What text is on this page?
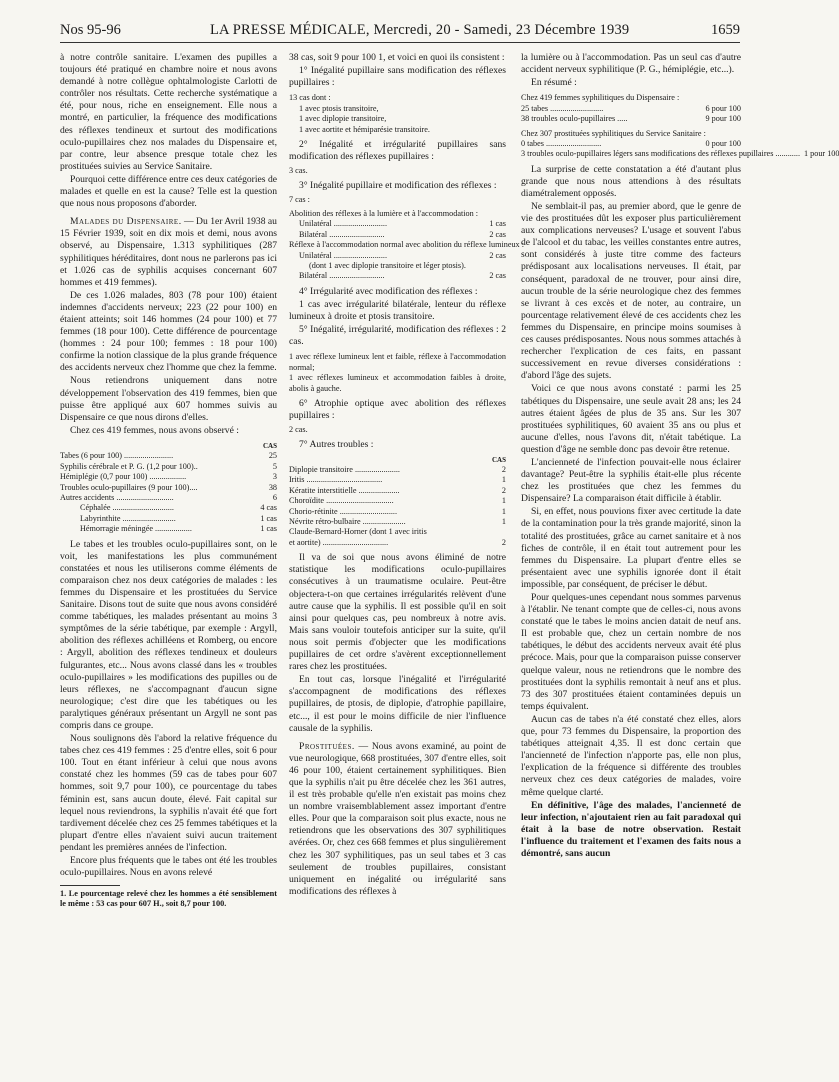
Nos 95-96	LA PRESSE MÉDICALE, Mercredi, 20 - Samedi, 23 Décembre 1939	1659

à notre contrôle sanitaire. L'examen des pupilles a toujours été pratiqué en chambre noire et nous avons demandé à notre collègue ophtalmologiste Carlotti de contrôler nos résultats. Cette recherche systématique a été, pour nous, riche en enseignement. Elle nous a montré, en particulier, la fréquence des modifications des réflexes tendineux et surtout des modifications oculo-pupillaires chez nos malades du Dispensaire et, par contre, leur absence presque totale chez les prostituées suivies au Service Sanitaire.

Pourquoi cette différence entre ces deux catégories de malades et quelle en est la cause? Telle est la question que nous nous proposons d'aborder.

Malades du Dispensaire. — Du 1er Avril 1938 au 15 Février 1939, soit en dix mois et demi, nous avons observé, au Dispensaire, 1.313 syphilitiques (287 syphilitiques héréditaires, dont nous ne parlerons pas ici et 1.026 cas de syphilis acquises concernant 607 hommes et 419 femmes).

De ces 1.026 malades, 803 (78 pour 100) étaient indemnes d'accidents nerveux; 223 (22 pour 100) en étaient atteints; soit 146 hommes (24 pour 100) et 77 femmes (18 pour 100). Cette différence de pourcentage (hommes : 24 pour 100; femmes : 18 pour 100) confirme la notion classique de la plus grande fréquence des accidents nerveux chez l'homme que chez la femme.

Nous retiendrons uniquement dans notre développement l'observation des 419 femmes, bien que puisse être appliqué aux 607 hommes suivis au Dispensaire ce que nous dirons d'elles.

Chez ces 419 femmes, nous avons observé :

CAS
Tabes (6 pour 100) ........................	25
Syphilis cérébrale et P. G. (1,2 pour 100)..	5
Hémiplégie (0,7 pour 100) ..................	3
Troubles oculo-pupillaires (9 pour 100)....	38
Autres accidents ............................	6
Céphalée ..............................	4 cas
Labyrinthite ..........................	1 cas
Hémorragie méningée ..................	1 cas

Le tabes et les troubles oculo-pupillaires sont, on le voit, les manifestations les plus communément constatées et nous les utiliserons comme éléments de comparaison chez nos deux catégories de malades : les femmes du Dispensaire et les prostituées du Service Sanitaire. Disons tout de suite que nous avons considéré comme tabétiques, les malades présentant au moins 3 symptômes de la série tabétique, par exemple : Argyll, abolition des réflexes achilléens et Romberg, ou encore : Argyll, abolition des réflexes tendineux et douleurs fulgurantes, etc... Nous avons classé dans les « troubles oculo-pupillaires » les modifications des pupilles ou de leurs réflexes, ne s'accompagnant d'aucun signe neurologique; c'est dire que les tabétiques ou les paralytiques généraux présentant un Argyll ne sont pas compris dans ce groupe.

Nous soulignons dès l'abord la relative fréquence du tabes chez ces 419 femmes : 25 d'entre elles, soit 6 pour 100. Tout en étant inférieur à celui que nous avons constaté chez les hommes (59 cas de tabes pour 607 hommes, soit 9,7 pour 100), ce pourcentage du tabes féminin est, sans aucun doute, élevé. Fait capital sur lequel nous reviendrons, la syphilis n'avait été que fort tardivement décelée chez ces 25 femmes tabétiques et la plupart d'entre elles n'avaient suivi aucun traitement pendant les premières années de l'infection.

Encore plus fréquents que le tabes ont été les troubles oculo-pupillaires. Nous en avons relevé

1. Le pourcentage relevé chez les hommes a été sensiblement le même : 53 cas pour 607 H., soit 8,7 pour 100.

38 cas, soit 9 pour 100 1, et voici en quoi ils consistent :

1° Inégalité pupillaire sans modification des réflexes pupillaires :

13 cas dont :
1 avec ptosis transitoire,
1 avec diplopie transitoire,
1 avec aortite et hémiparésie transitoire.

2° Inégalité et irrégularité pupillaires sans modification des réflexes pupillaires :

3 cas.

3° Inégalité pupillaire et modification des réflexes :

7 cas :

Abolition des réflexes à la lumière et à l'accommodation :
Unilatéral ..........................	1 cas
Bilatéral ...........................	2 cas
Réflexe à l'accommodation normal avec abolition du réflexe lumineux :
Unilatéral ..........................	2 cas
(dont 1 avec diplopie transitoire et léger ptosis).
Bilatéral ...........................	2 cas

4° Irrégularité avec modification des réflexes :

1 cas avec irrégularité bilatérale, lenteur du réflexe lumineux à droite et ptosis transitoire.

5° Inégalité, irrégularité, modification des réflexes : 2 cas.

1 avec réflexe lumineux lent et faible, réflexe à l'accommodation normal;
1 avec réflexes lumineux et accommodation faibles à droite, abolis à gauche.

6° Atrophie optique avec abolition des réflexes pupillaires :

2 cas.

7° Autres troubles :

CAS
Diplopie transitoire ......................	2
Iritis .....................................	1
Kératite interstitielle ....................	2
Choroïdite .................................	1
Chorio-rétinite ............................	1
Névrite rétro-bulbaire .....................	1
Claude-Bernard-Horner (dont 1 avec iritis
et aortite) ................................	2

Il va de soi que nous avons éliminé de notre statistique les modifications oculo-pupillaires consécutives à un traumatisme oculaire. Peut-être objectera-t-on que certaines irrégularités relèvent d'une autre cause que la syphilis. Il est possible qu'il en soit ainsi pour quelques cas, peu nombreux à notre avis. Mais sans vouloir toutefois anticiper sur la suite, qu'il nous soit permis d'objecter que les modifications pupillaires de cet ordre s'avèrent exceptionnellement rares chez les prostituées.

En tout cas, lorsque l'inégalité et l'irrégularité s'accompagnent de modifications des réflexes pupillaires, de ptosis, de diplopie, d'atrophie papillaire, etc..., il est pour le moins difficile de nier l'influence causale de la syphilis.

Prostituées. — Nous avons examiné, au point de vue neurologique, 668 prostituées, 307 d'entre elles, soit 46 pour 100, étaient certainement syphilitiques. Bien que la syphilis n'ait pu être décelée chez les 361 autres, il est très probable qu'elle n'en existait pas moins chez un nombre vraisemblablement assez important d'entre elles. Pour que la comparaison soit plus exacte, nous ne retiendrons que les observations des 307 syphilitiques avérées. Or, chez ces 668 femmes et plus singulièrement chez les 307 syphilitiques, pas un seul tabes et 3 cas seulement de troubles pupillaires, consistant uniquement en inégalité ou irrégularité sans modifications des réflexes à

la lumière ou à l'accommodation. Pas un seul cas d'autre accident nerveux syphilitique (P. G., hémiplégie, etc...).

En résumé :

Chez 419 femmes syphilitiques du Dispensaire :
25 tabes ..........................	6 pour 100
38 troubles oculo-pupillaires .....	9 pour 100
Chez 307 prostituées syphilitiques du Service Sanitaire :
0 tabes ...........................	0 pour 100
3 troubles oculo-pupillaires légers sans modifications des réflexes pupillaires ............ 1 pour 100

La surprise de cette constatation a été d'autant plus grande que nous nous attendions à des résultats diamétralement opposés.

Ne semblait-il pas, au premier abord, que le genre de vie des prostituées dût les exposer plus particulièrement aux complications nerveuses? L'usage et souvent l'abus de l'alcool et du tabac, les veilles constantes entre autres, sont considérés à juste titre comme des facteurs prédisposant aux localisations nerveuses. Il était, par conséquent, paradoxal de ne trouver, pour ainsi dire, aucun trouble de la série neurologique chez des femmes se livrant à ces excès et de noter, au contraire, un pourcentage relativement élevé de ces accidents chez les femmes du Dispensaire, en principe moins soumises à ces causes prédisposantes. Nous nous sommes attachés à rechercher l'explication de ces faits, en passant successivement en revue diverses considérations : d'abord l'âge des sujets.

Voici ce que nous avons constaté : parmi les 25 tabétiques du Dispensaire, une seule avait 28 ans; les 24 autres étaient âgées de plus de 35 ans. Sur les 307 prostituées syphilitiques, 60 avaient 35 ans ou plus et aucune d'elles, nous l'avons dit, n'était tabétique. La question d'âge ne semble donc pas devoir être retenue.

L'ancienneté de l'infection pouvait-elle nous éclairer davantage? Peut-être la syphilis était-elle plus récente chez les prostituées que chez les femmes du Dispensaire? La comparaison était difficile à établir.

Si, en effet, nous pouvions fixer avec certitude la date de la contamination pour la très grande majorité, sinon la totalité des prostituées, grâce au carnet sanitaire et à nos fiches de contrôle, il en était tout autrement pour les femmes du Dispensaire. La plupart d'entre elles se présentaient avec une syphilis ignorée dont il était impossible, par conséquent, de préciser le début.

Pour quelques-unes cependant nous sommes parvenus à l'établir. Ne tenant compte que de celles-ci, nous avons constaté que le tabes le moins ancien datait de neuf ans. Il est probable que, chez un certain nombre de nos tabétiques, le début des accidents nerveux avait été plus précoce. Mais, pour que la comparaison puisse conserver quelque valeur, nous ne retiendrons que le nombre des prostituées dont la syphilis remontait à neuf ans et plus. 73 des 307 prostituées étaient contaminées depuis un temps équivalent.

Aucun cas de tabes n'a été constaté chez elles, alors que, pour 73 femmes du Dispensaire, la proportion des tabétiques atteignait 4,35. Il est donc certain que l'ancienneté de l'infection n'apporte pas, elle non plus, l'explication de la fréquence si différente des troubles nerveux chez ces deux catégories de malades, voire même quelque clarté.

En définitive, l'âge des malades, l'ancienneté de leur infection, n'ajoutaient rien au fait paradoxal qui était à la base de notre observation. Restait l'influence du traitement et l'examen des faits nous a démontré, sans aucun
